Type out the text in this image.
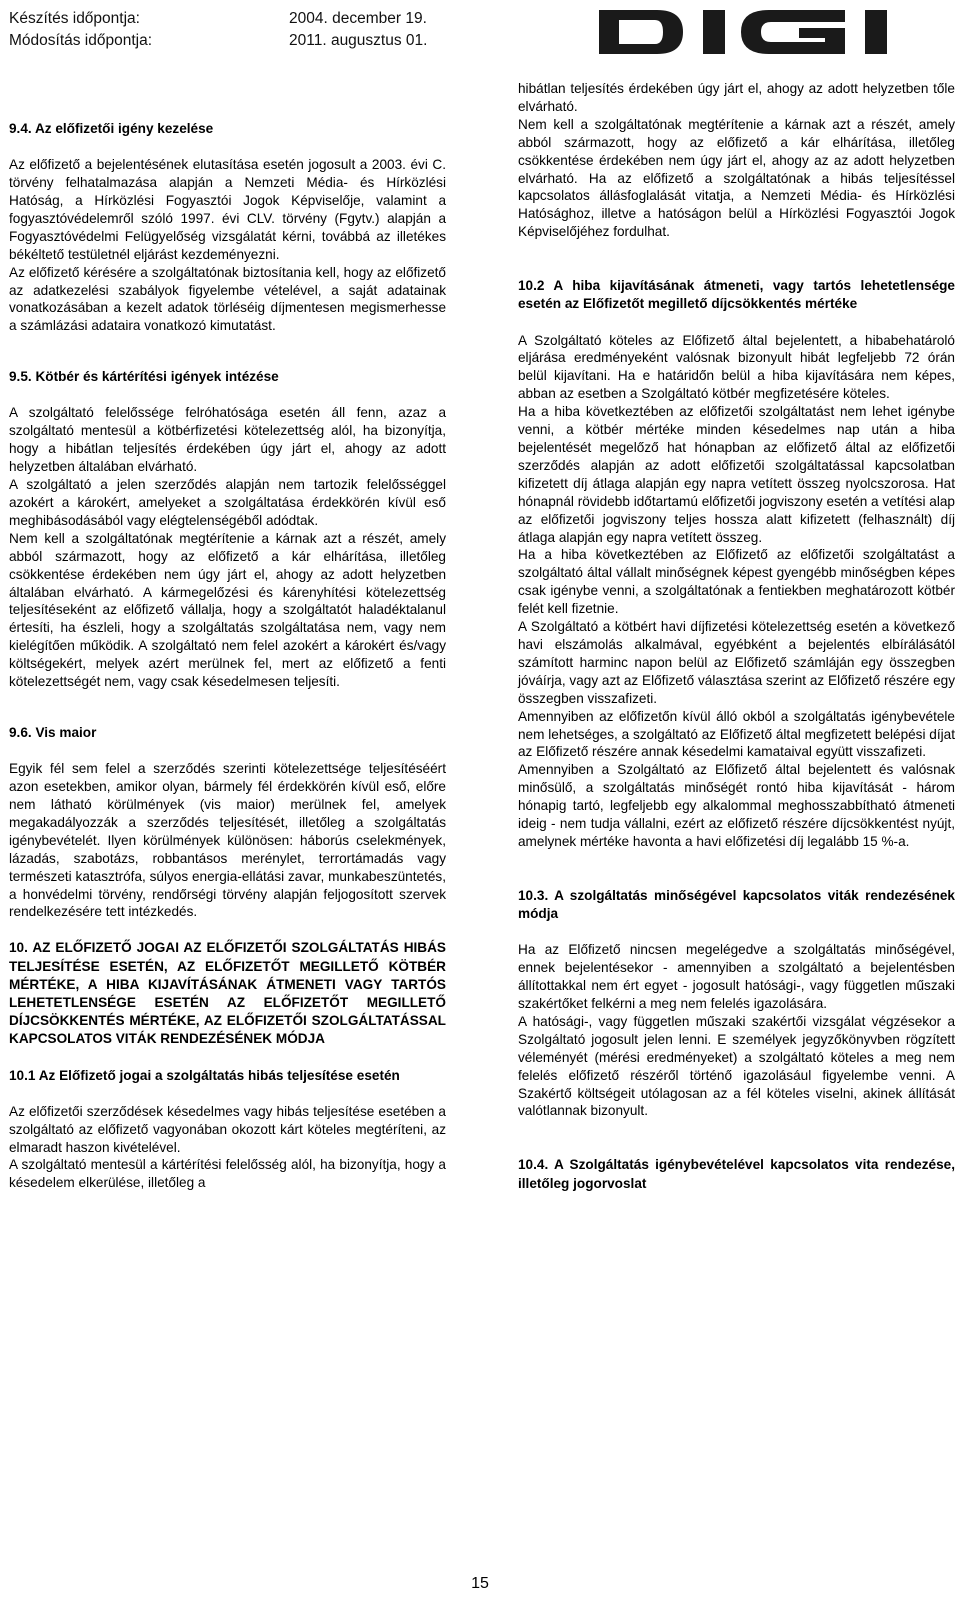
Készítés időpontja:	2004. december 19.
Módosítás időpontja:	2011. augusztus 01.
9.4. Az előfizetői igény kezelése

Az előfizető a bejelentésének elutasítása esetén jogosult a 2003. évi C. törvény felhatalmazása alapján a Nemzeti Média- és Hírközlési Hatóság, a Hírközlési Fogyasztói Jogok Képviselője, valamint a fogyasztóvédelemről szóló 1997. évi CLV. törvény (Fgytv.) alapján a Fogyasztóvédelmi Felügyelőség vizsgálatát kérni, továbbá az illetékes békéltető testületnél eljárást kezdeményezni.

Az előfizető kérésére a szolgáltatónak biztosítania kell, hogy az előfizető az adatkezelési szabályok figyelembe vételével, a saját adatainak vonatkozásában a kezelt adatok törléséig díjmentesen megismerhesse a számlázási adataira vonatkozó kimutatást.

9.5. Kötbér és kártérítési igények intézése

A szolgáltató felelőssége felróhatósága esetén áll fenn, azaz a szolgáltató mentesül a kötbérfizetési kötelezettség alól, ha bizonyítja, hogy a hibátlan teljesítés érdekében úgy járt el, ahogy az adott helyzetben általában elvárható.

A szolgáltató a jelen szerződés alapján nem tartozik felelősséggel azokért a károkért, amelyeket a szolgáltatása érdekkörén kívül eső meghibásodásából vagy elégtelenségéből adódtak.

Nem kell a szolgáltatónak megtérítenie a kárnak azt a részét, amely abból származott, hogy az előfizető a kár elhárítása, illetőleg csökkentése érdekében nem úgy járt el, ahogy az adott helyzetben általában elvárható. A kármegelőzési és kárenyhítési kötelezettség teljesítéseként az előfizető vállalja, hogy a szolgáltatót haladéktalanul értesíti, ha észleli, hogy a szolgáltatás szolgáltatása nem, vagy nem kielégítően működik. A szolgáltató nem felel azokért a károkért és/vagy költségekért, melyek azért merülnek fel, mert az előfizető a fenti kötelezettségét nem, vagy csak késedelmesen teljesíti.

9.6. Vis maior

Egyik fél sem felel a szerződés szerinti kötelezettsége teljesítéséért azon esetekben, amikor olyan, bármely fél érdekkörén kívül eső, előre nem látható körülmények (vis maior) merülnek fel, amelyek megakadályozzák a szerződés teljesítését, illetőleg a szolgáltatás igénybevételét. Ilyen körülmények különösen: háborús cselekmények, lázadás, szabotázs, robbantásos merénylet, terrortámadás vagy természeti katasztrófa, súlyos energia-ellátási zavar, munkabeszüntetés, a honvédelmi törvény, rendőrségi törvény alapján feljogosított szervek rendelkezésére tett intézkedés.

10. AZ ELŐFIZETŐ JOGAI AZ ELŐFIZETŐI SZOLGÁLTATÁS HIBÁS TELJESÍTÉSE ESETÉN, AZ ELŐFIZETŐT MEGILLETŐ KÖTBÉR MÉRTÉKE, A HIBA KIJAVÍTÁSÁNAK ÁTMENETI VAGY TARTÓS LEHETETLENSÉGE ESETÉN AZ ELŐFIZETŐT MEGILLETŐ DÍJCSÖKKENTÉS MÉRTÉKE, AZ ELŐFIZETŐI SZOLGÁLTATÁSSAL KAPCSOLATOS VITÁK RENDEZÉSÉNEK MÓDJA
10.1 Az Előfizető jogai a szolgáltatás hibás teljesítése esetén

Az előfizetői szerződések késedelmes vagy hibás teljesítése esetében a szolgáltató az előfizető vagyonában okozott kárt köteles megtéríteni, az elmaradt haszon kivételével.

A szolgáltató mentesül a kártérítési felelősség alól, ha bizonyítja, hogy a késedelem elkerülése, illetőleg a

hibátlan teljesítés érdekében úgy járt el, ahogy az adott helyzetben tőle elvárható.

Nem kell a szolgáltatónak megtérítenie a kárnak azt a részét, amely abból származott, hogy az előfizető a kár elhárítása, illetőleg csökkentése érdekében nem úgy járt el, ahogy az az adott helyzetben elvárható. Ha az előfizető a szolgáltatónak a hibás teljesítéssel kapcsolatos állásfoglalását vitatja, a Nemzeti Média- és Hírközlési Hatósághoz, illetve a hatóságon belül a Hírközlési Fogyasztói Jogok Képviselőjéhez fordulhat.

10.2 A hiba kijavításának átmeneti, vagy tartós lehetetlensége esetén az Előfizetőt megillető díjcsökkentés mértéke

A Szolgáltató köteles az Előfizető által bejelentett, a hibabehatároló eljárása eredményeként valósnak bizonyult hibát legfeljebb 72 órán belül kijavítani. Ha e határidőn belül a hiba kijavítására nem képes, abban az esetben a Szolgáltató kötbér megfizetésére köteles.

Ha a hiba következtében az előfizetői szolgáltatást nem lehet igénybe venni, a kötbér mértéke minden késedelmes nap után a hiba bejelentését megelőző hat hónapban az előfizető által az előfizetői szerződés alapján az adott előfizetői szolgáltatással kapcsolatban kifizetett díj átlaga alapján egy napra vetített összeg nyolcszorosa. Hat hónapnál rövidebb időtartamú előfizetői jogviszony esetén a vetítési alap az előfizetői jogviszony teljes hossza alatt kifizetett (felhasznált) díj átlaga alapján egy napra vetített összeg.

Ha a hiba következtében az Előfizető az előfizetői szolgáltatást a szolgáltató által vállalt minőségnek képest gyengébb minőségben képes csak igénybe venni, a szolgáltatónak a fentiekben meghatározott kötbér felét kell fizetnie.

A Szolgáltató a kötbért havi díjfizetési kötelezettség esetén a következő havi elszámolás alkalmával, egyébként a bejelentés elbírálásától számított harminc napon belül az Előfizető számláján egy összegben jóváírja, vagy azt az Előfizető választása szerint az Előfizető részére egy összegben visszafizeti.

Amennyiben az előfizetőn kívül álló okból a szolgáltatás igénybevétele nem lehetséges, a szolgáltató az Előfizető által megfizetett belépési díjat az Előfizető részére annak késedelmi kamataival együtt visszafizeti.

Amennyiben a Szolgáltató az Előfizető által bejelentett és valósnak minősülő, a szolgáltatás minőségét rontó hiba kijavítását - három hónapig tartó, legfeljebb egy alkalommal meghosszabbítható átmeneti ideig - nem tudja vállalni, ezért az előfizető részére díjcsökkentést nyújt, amelynek mértéke havonta a havi előfizetési díj legalább 15 %-a.

10.3. A szolgáltatás minőségével kapcsolatos viták rendezésének módja

Ha az Előfizető nincsen megelégedve a szolgáltatás minőségével, ennek bejelentésekor - amennyiben a szolgáltató a bejelentésben állítottakkal nem ért egyet - jogosult hatósági-, vagy független műszaki szakértőket felkérni a meg nem felelés igazolására.

A hatósági-, vagy független műszaki szakértői vizsgálat végzésekor a Szolgáltató jogosult jelen lenni. E személyek jegyzőkönyvben rögzített véleményét (mérési eredményeket) a szolgáltató köteles a meg nem felelés előfizető részéről történő igazolásául figyelembe venni. A Szakértő költségeit utólagosan az a fél köteles viselni, akinek állítását valótlannak bizonyult.

10.4. A Szolgáltatás igénybevételével kapcsolatos vita rendezése, illetőleg jogorvoslat
15
